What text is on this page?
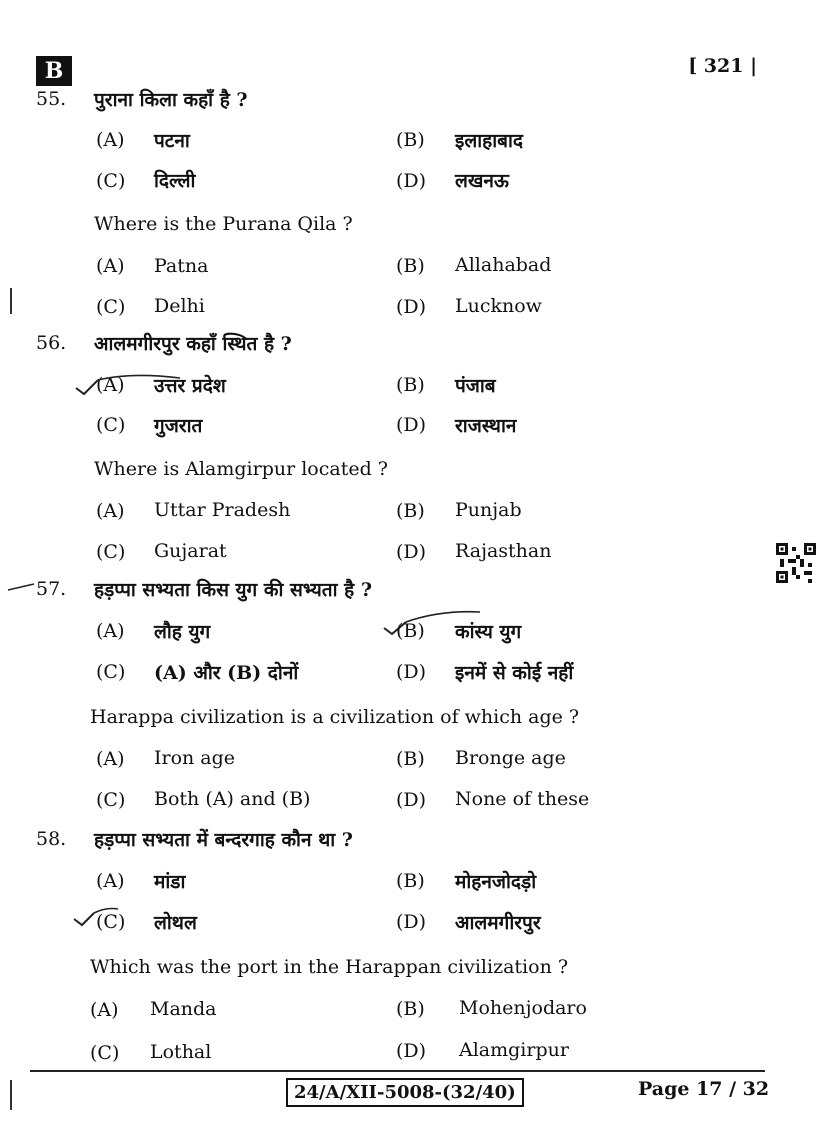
B	[ 321 |
55. पुराना किला कहाँ है ?
(A) पटना	(B) इलाहाबाद
(C) दिल्ली	(D) लखनऊ
Where is the Purana Qila ?
(A) Patna	(B) Allahabad
(C) Delhi	(D) Lucknow
56. आलमगीरपुर कहाँ स्थित है ?
(A) उत्तर प्रदेश	(B) पंजाब
(C) गुजरात	(D) राजस्थान
Where is Alamgirpur located ?
(A) Uttar Pradesh	(B) Punjab
(C) Gujarat	(D) Rajasthan
57. हड़प्पा सभ्यता किस युग की सभ्यता है ?
(A) लौह युग	(B) कांस्य युग
(C) (A) और (B) दोनों	(D) इनमें से कोई नहीं
Harappa civilization is a civilization of which age ?
(A) Iron age	(B) Bronge age
(C) Both (A) and (B)	(D) None of these
58. हड़प्पा सभ्यता में बन्दरगाह कौन था ?
(A) मांडा	(B) मोहनजोदड़ो
(C) लोथल	(D) आलमगीरपुर
Which was the port in the Harappan civilization ?
(A) Manda	(B) Mohenjodaro
(C) Lothal	(D) Alamgirpur
24/A/XII-5008-(32/40)	Page 17 / 32
